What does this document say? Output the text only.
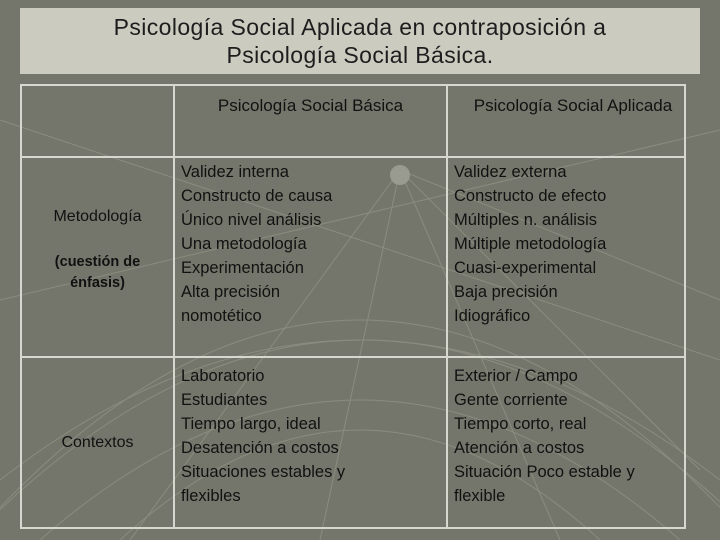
Psicología Social Aplicada en contraposición a
Psicología Social Básica.
Psicología Social Básica	Psicología Social Aplicada
Metodología
(cuestión de
énfasis)
Validez interna
Constructo de causa
Único nivel análisis
Una metodología
Experimentación
Alta precisión
nomotético
Validez externa
Constructo de efecto
Múltiples n. análisis
Múltiple metodología
Cuasi-experimental
Baja precisión
Idiográfico
Contextos
Laboratorio
Estudiantes
Tiempo largo, ideal
Desatención a costos
Situaciones estables y
flexibles
Exterior / Campo
Gente corriente
Tiempo corto, real
Atención a costos
Situación Poco estable y
flexible
